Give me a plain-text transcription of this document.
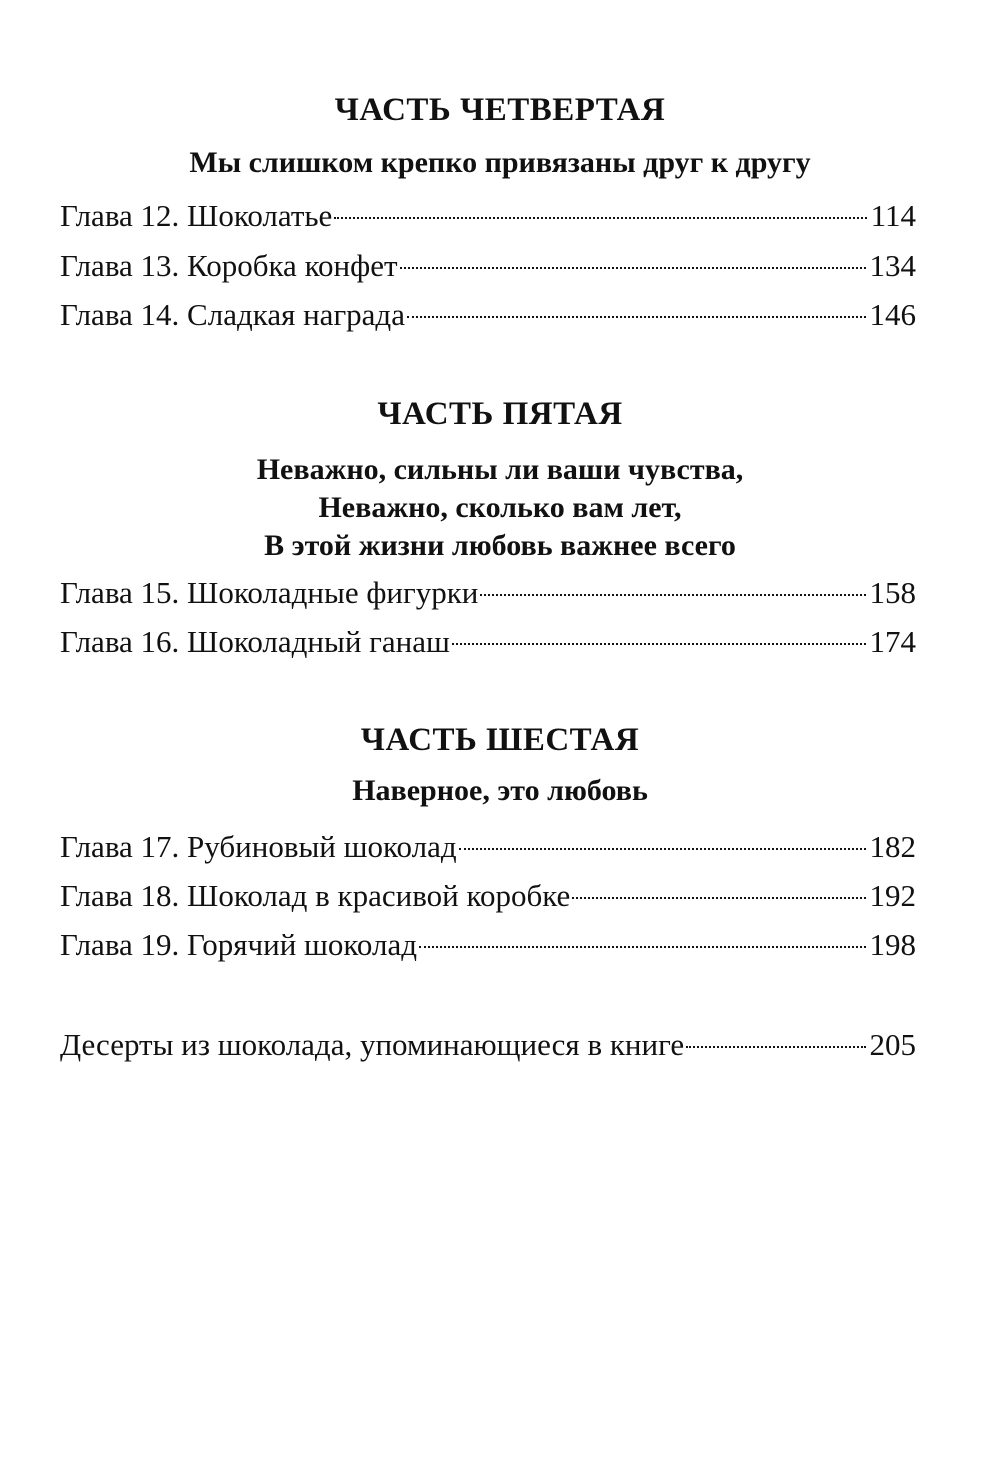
ЧАСТЬ ЧЕТВЕРТАЯ
Мы слишком крепко привязаны друг к другу
Глава 12. Шоколатье	114
Глава 13. Коробка конфет	134
Глава 14. Сладкая награда	146
ЧАСТЬ ПЯТАЯ
Неважно, сильны ли ваши чувства,
Неважно, сколько вам лет,
В этой жизни любовь важнее всего
Глава 15. Шоколадные фигурки	158
Глава 16. Шоколадный ганаш	174
ЧАСТЬ ШЕСТАЯ
Наверное, это любовь
Глава 17. Рубиновый шоколад	182
Глава 18. Шоколад в красивой коробке	192
Глава 19. Горячий шоколад	198
Десерты из шоколада, упоминающиеся в книге	205
